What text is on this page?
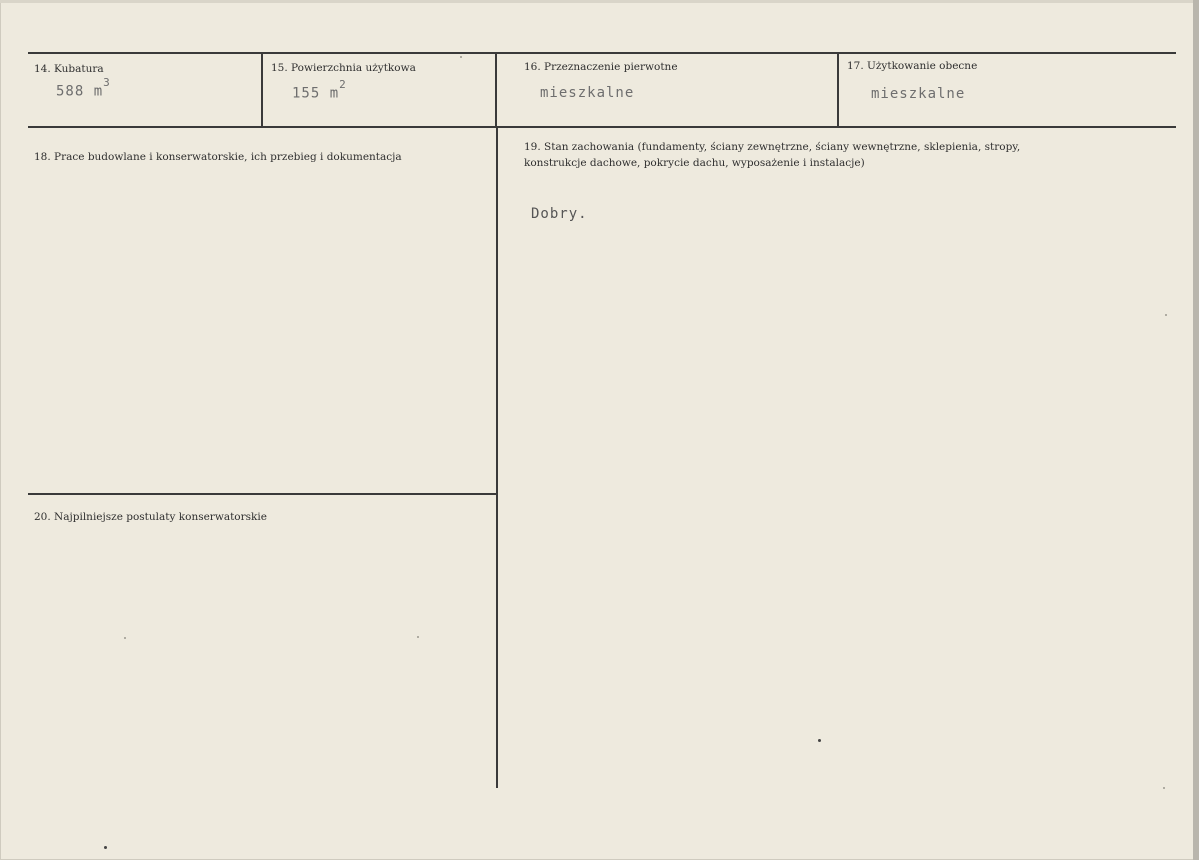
14. Kubatura
588 $m^3$
15. Powierzchnia użytkowa
155 $m^2$
16. Przeznaczenie pierwotne
mieszkalne
17. Użytkowanie obecne
mieszkalne
18. Prace budowlane i konserwatorskie, ich przebieg i dokumentacja
19. Stan zachowania (fundamenty, ściany zewnętrzne, ściany wewnętrzne, sklepienia, stropy, konstrukcje dachowe, pokrycie dachu, wyposażenie i instalacje)
Dobry.
20. Najpilniejsze postulaty konserwatorskie
